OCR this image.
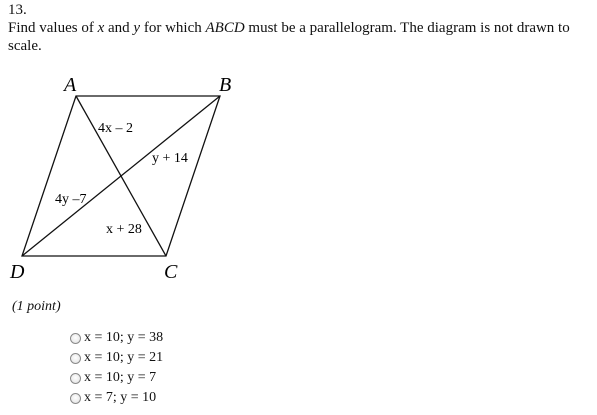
13.
Find values of x and y for which ABCD must be a parallelogram. The diagram is not drawn to scale.
A	B
C
D
4x – 2
y + 14
4y –7
x + 28
(1 point)
x = 10; y = 38
x = 10; y = 21
x = 10; y = 7
x = 7; y = 10
